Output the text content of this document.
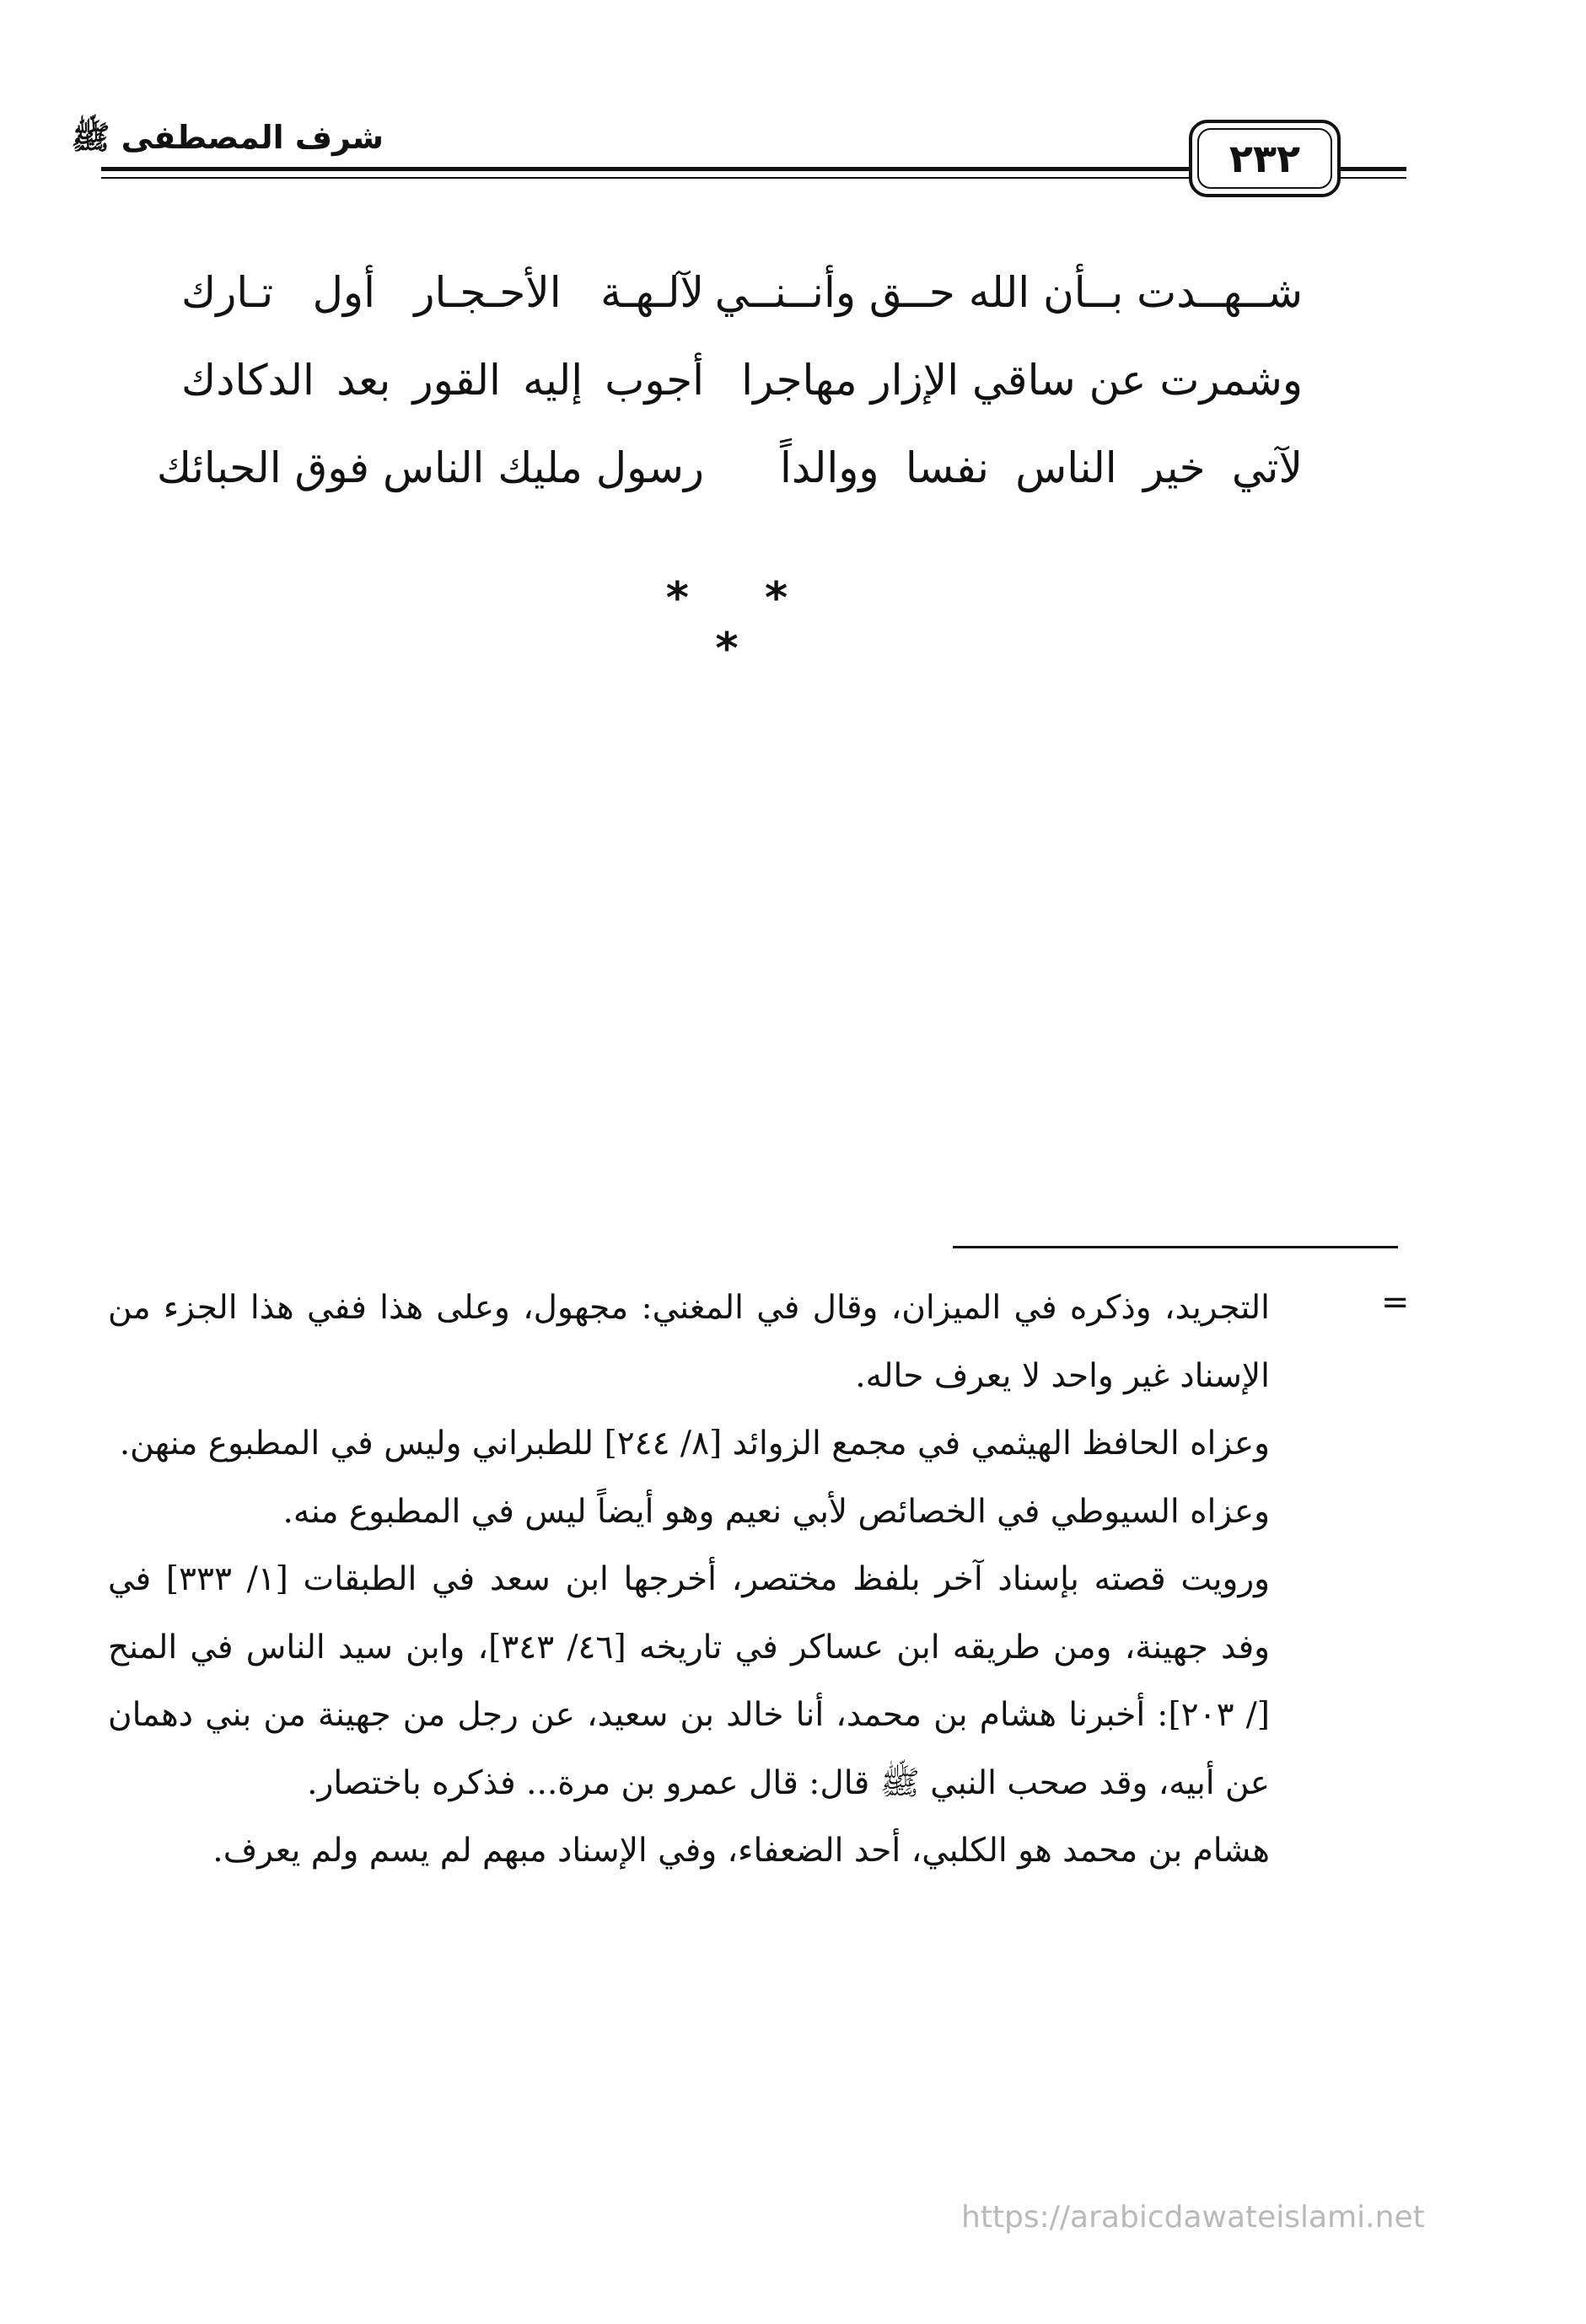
شرف المصطفى ﷺ	٢٣٢
شــهــدت بــأن الله حــق وأنــنــي
لآلـهـة الأحـجـار أول تـارك
وشمرت عن ساقي الإزار مهاجرا
أجوب إليه القور بعد الدكادك
لآتي خير الناس نفسا ووالداً
رسول مليك الناس فوق الحبائك
* * *
=

التجريد، وذكره في الميزان، وقال في المغني: مجهول، وعلى هذا ففي هذا الجزء من الإسناد غير واحد لا يعرف حاله.

وعزاه الحافظ الهيثمي في مجمع الزوائد [٨/ ٢٤٤] للطبراني وليس في المطبوع منهن.

وعزاه السيوطي في الخصائص لأبي نعيم وهو أيضاً ليس في المطبوع منه.

ورويت قصته بإسناد آخر بلفظ مختصر، أخرجها ابن سعد في الطبقات [١/ ٣٣٣] في وفد جهينة، ومن طريقه ابن عساكر في تاريخه [٤٦/ ٣٤٣]، وابن سيد الناس في المنح [/ ٢٠٣]: أخبرنا هشام بن محمد، أنا خالد بن سعيد، عن رجل من جهينة من بني دهمان عن أبيه، وقد صحب النبي ﷺ قال: قال عمرو بن مرة... فذكره باختصار.

هشام بن محمد هو الكلبي، أحد الضعفاء، وفي الإسناد مبهم لم يسم ولم يعرف.

https://arabicdawateislami.net
